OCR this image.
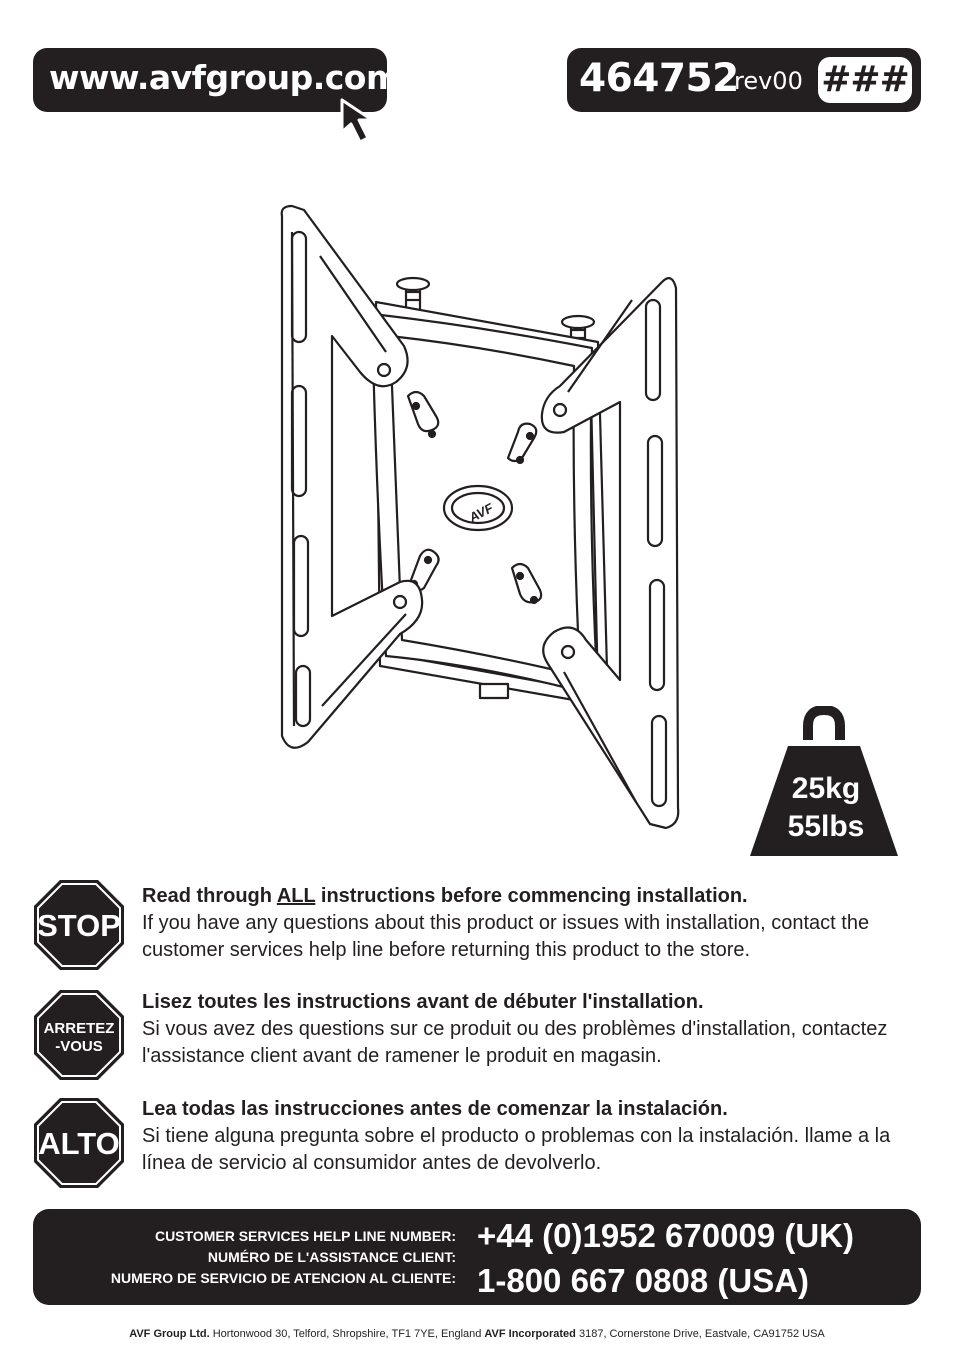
www.avfgroup.com	464752
rev00 ###
AVF
25kg
55lbs
STOP
Read through ALL instructions before commencing installation.
If you have any questions about this product or issues with installation, contact the customer services help line before returning this product to the store.
ARRETEZ
-VOUS
Lisez toutes les instructions avant de débuter l'installation.
Si vous avez des questions sur ce produit ou des problèmes d'installation, contactez l'assistance client avant de ramener le produit en magasin.
ALTO
Lea todas las instrucciones antes de comenzar la instalación.
Si tiene alguna pregunta sobre el producto o problemas con la instalación. llame a la línea de servicio al consumidor antes de devolverlo.
CUSTOMER SERVICES HELP LINE NUMBER:
NUMÉRO DE L'ASSISTANCE CLIENT:
NUMERO DE SERVICIO DE ATENCION AL CLIENTE:
+44 (0)1952 670009 (UK)
1-800 667 0808 (USA)
AVF Group Ltd. Hortonwood 30, Telford, Shropshire, TF1 7YE, England AVF Incorporated 3187, Cornerstone Drive, Eastvale, CA91752 USA
